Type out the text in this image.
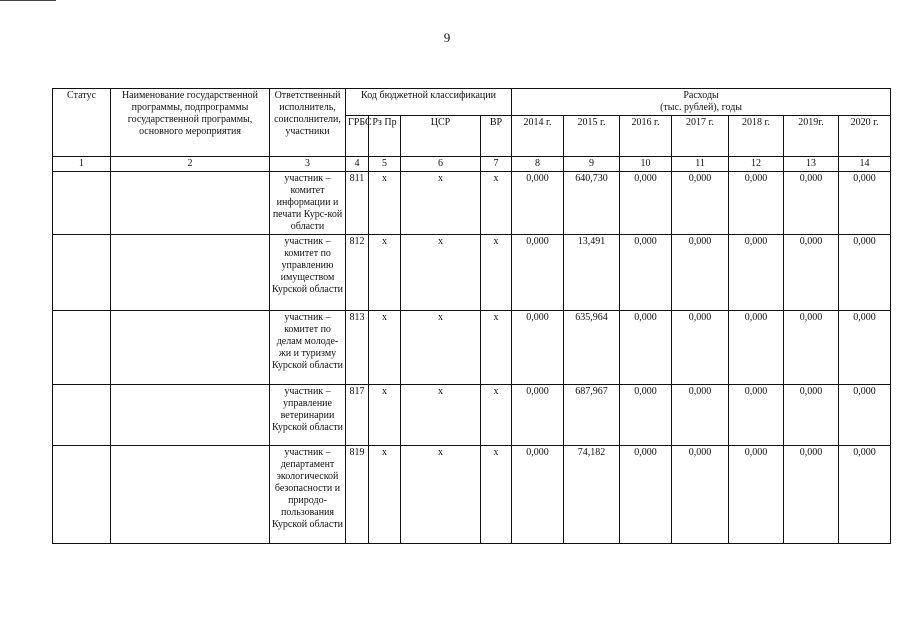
9
Статус	Наименование государственной программы, подпрограммы государственной программы, основного мероприятия	Ответственный исполнитель, соисполнители, участники	Код бюджетной классификации				Расходы
(тыс. рублей), годы						

			ГРБС	Рз Пр	ЦСР	ВР	2014 г.	2015 г.	2016 г.	2017 г.	2018 г.	2019г.	2020 г.
1	2	3	4	5	6	7	8	9	10	11	12	13	14
		участник – комитет информации и печати Курс-кой области	811	х	х	х	0,000	640,730	0,000	0,000	0,000	0,000	0,000
		участник – комитет по управлению имуществом Курской области	812	х	х	х	0,000	13,491	0,000	0,000	0,000	0,000	0,000
		участник – комитет по делам молоде-жи и туризму Курской области	813	х	х	х	0,000	635,964	0,000	0,000	0,000	0,000	0,000
		участник – управление ветеринарии Курской области	817	х	х	х	0,000	687,967	0,000	0,000	0,000	0,000	0,000
		участник – департамент экологической безопасности и природо-пользования Курской области	819	х	х	х	0,000	74,182	0,000	0,000	0,000	0,000	0,000
